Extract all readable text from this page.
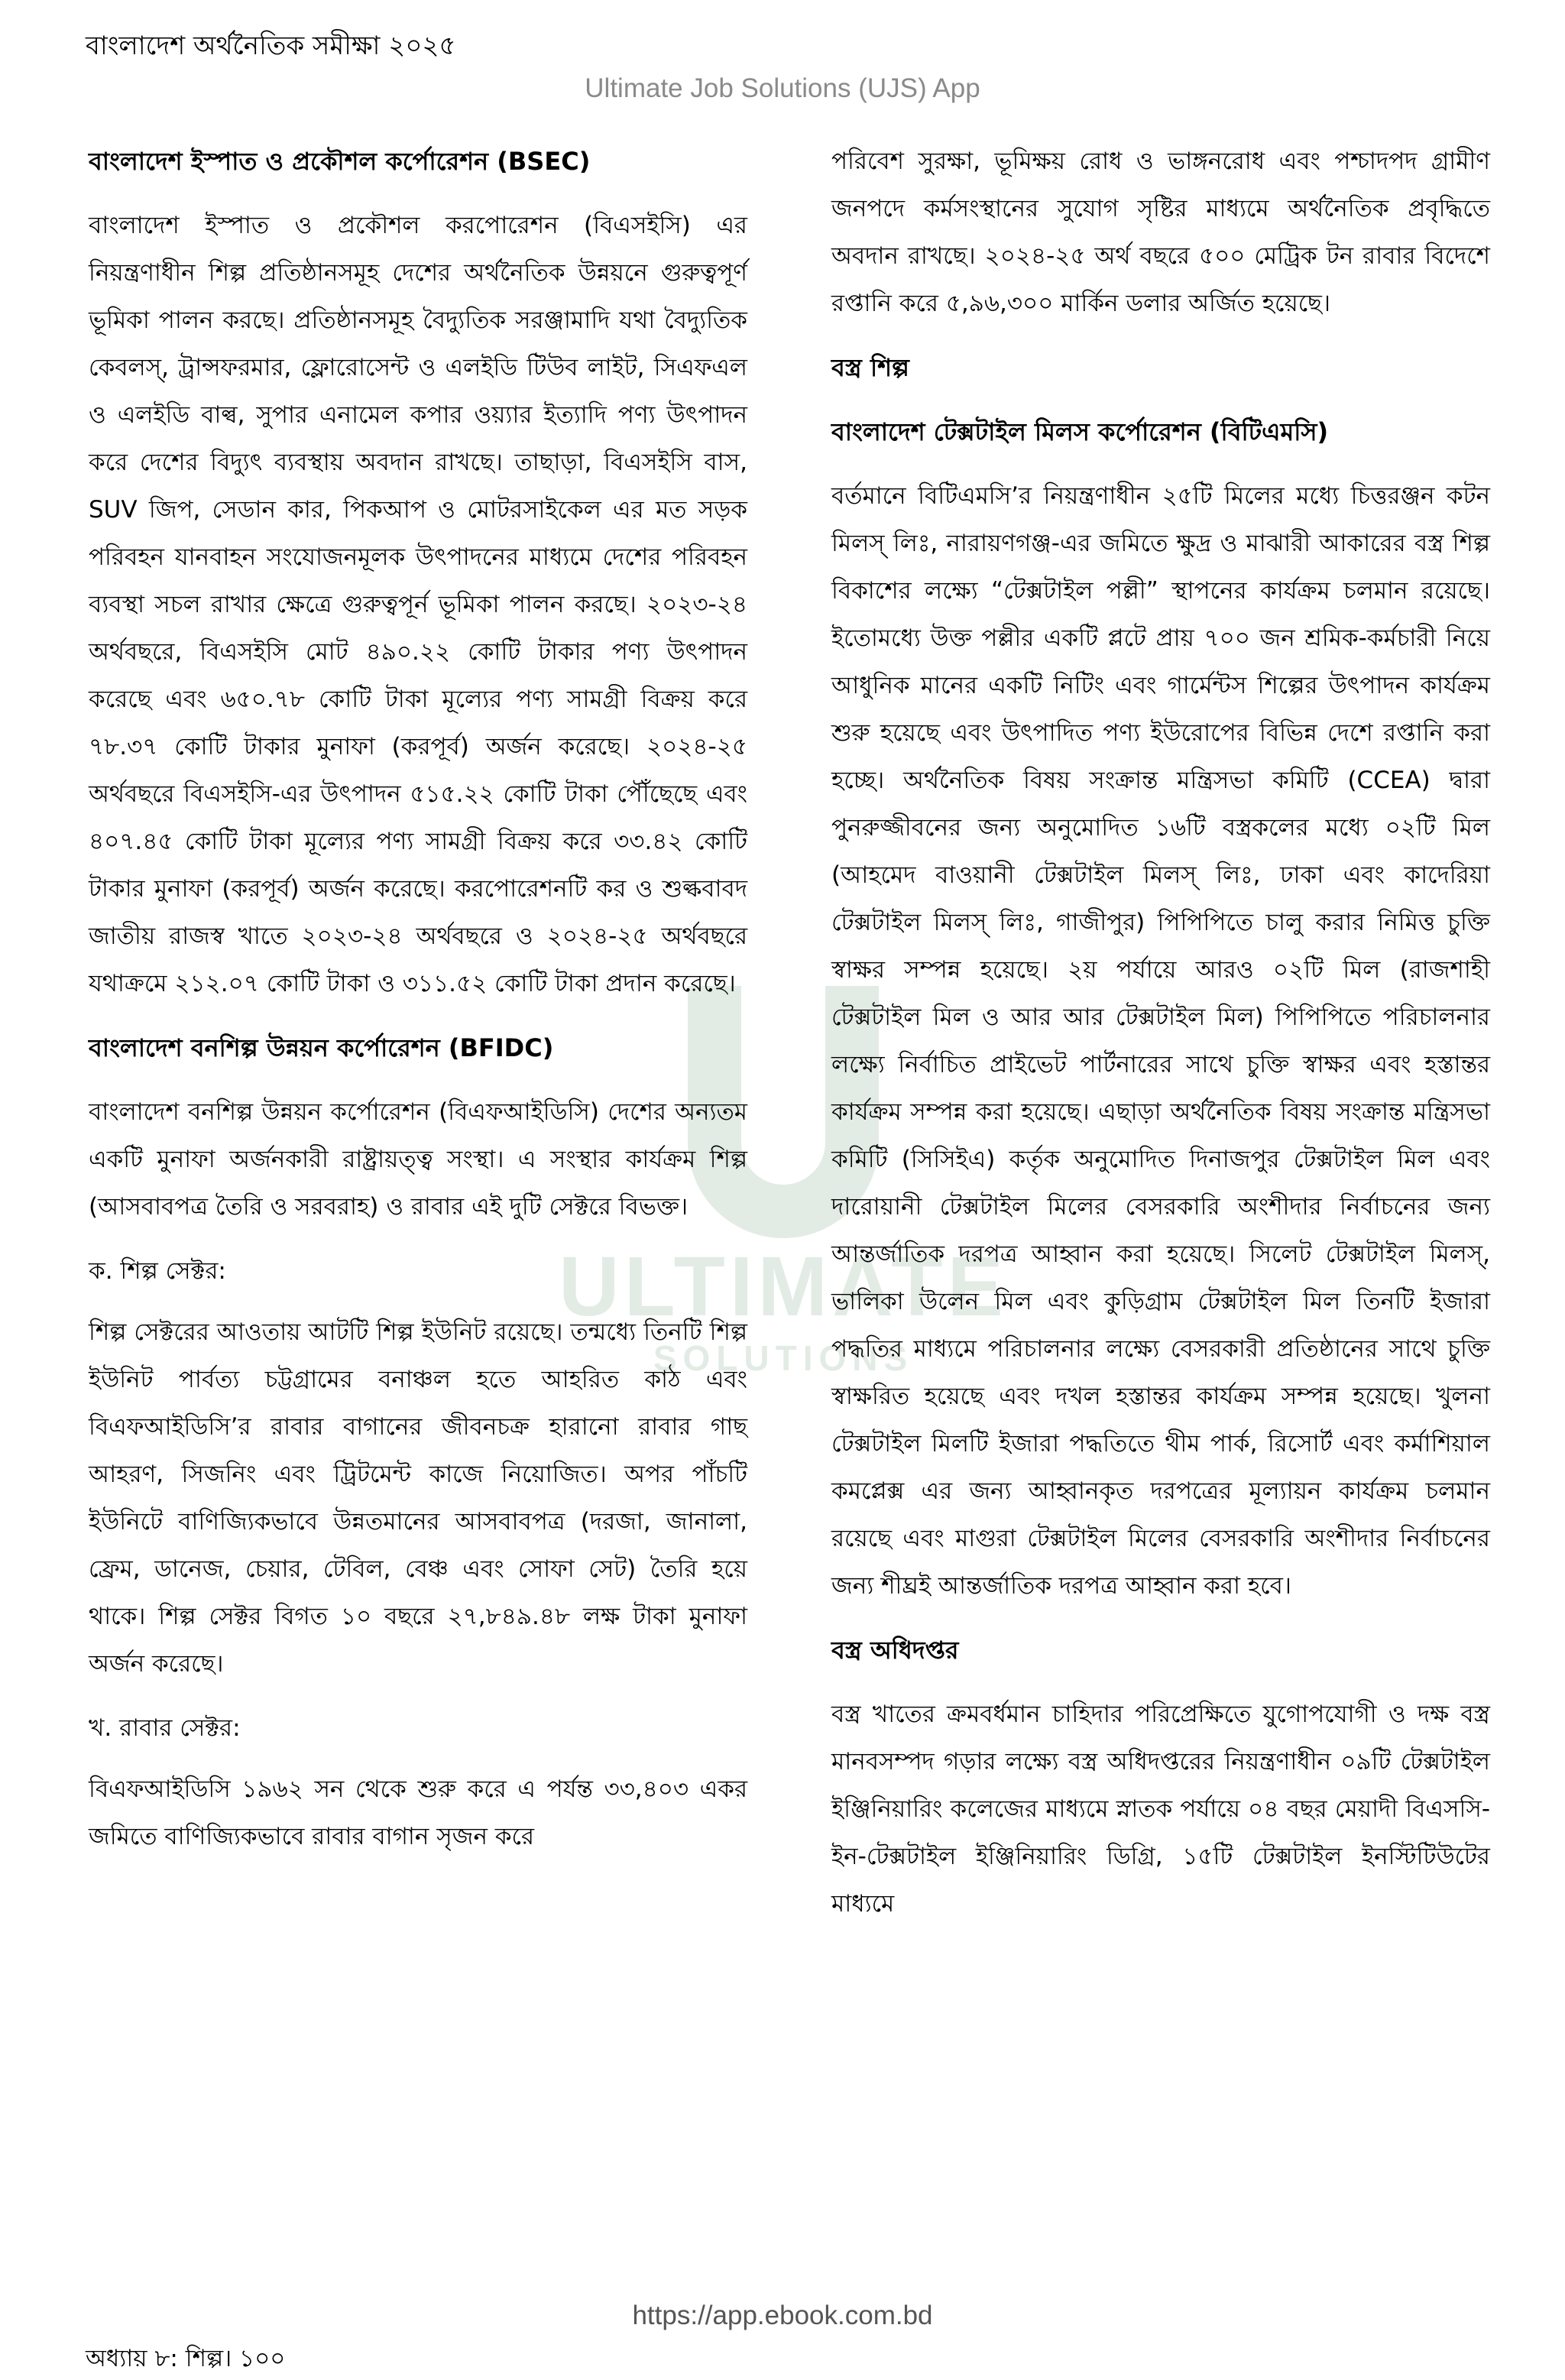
বাংলাদেশ অর্থনৈতিক সমীক্ষা ২০২৫
Ultimate Job Solutions (UJS) App
ULTIMATE
SOLUTIONS
বাংলাদেশ ইস্পাত ও প্রকৌশল কর্পোরেশন (BSEC)

বাংলাদেশ ইস্পাত ও প্রকৌশল করপোরেশন (বিএসইসি) এর নিয়ন্ত্রণাধীন শিল্প প্রতিষ্ঠানসমূহ দেশের অর্থনৈতিক উন্নয়নে গুরুত্বপূর্ণ ভূমিকা পালন করছে। প্রতিষ্ঠানসমূহ বৈদ্যুতিক সরঞ্জামাদি যথা বৈদ্যুতিক কেবলস্, ট্রান্সফরমার, ফ্লোরোসেন্ট ও এলইডি টিউব লাইট, সিএফএল ও এলইডি বাল্ব, সুপার এনামেল কপার ওয়্যার ইত্যাদি পণ্য উৎপাদন করে দেশের বিদ্যুৎ ব্যবস্থায় অবদান রাখছে। তাছাড়া, বিএসইসি বাস, SUV জিপ, সেডান কার, পিকআপ ও মোটরসাইকেল এর মত সড়ক পরিবহন যানবাহন সংযোজনমূলক উৎপাদনের মাধ্যমে দেশের পরিবহন ব্যবস্থা সচল রাখার ক্ষেত্রে গুরুত্বপূর্ন ভূমিকা পালন করছে। ২০২৩-২৪ অর্থবছরে, বিএসইসি মোট ৪৯০.২২ কোটি টাকার পণ্য উৎপাদন করেছে এবং ৬৫০.৭৮ কোটি টাকা মূল্যের পণ্য সামগ্রী বিক্রয় করে ৭৮.৩৭ কোটি টাকার মুনাফা (করপূর্ব) অর্জন করেছে। ২০২৪-২৫ অর্থবছরে বিএসইসি-এর উৎপাদন ৫১৫.২২ কোটি টাকা পৌঁছেছে এবং ৪০৭.৪৫ কোটি টাকা মূল্যের পণ্য সামগ্রী বিক্রয় করে ৩৩.৪২ কোটি টাকার মুনাফা (করপূর্ব) অর্জন করেছে। করপোরেশনটি কর ও শুল্কবাবদ জাতীয় রাজস্ব খাতে ২০২৩-২৪ অর্থবছরে ও ২০২৪-২৫ অর্থবছরে যথাক্রমে ২১২.০৭ কোটি টাকা ও ৩১১.৫২ কোটি টাকা প্রদান করেছে।

বাংলাদেশ বনশিল্প উন্নয়ন কর্পোরেশন (BFIDC)

বাংলাদেশ বনশিল্প উন্নয়ন কর্পোরেশন (বিএফআইডিসি) দেশের অন্যতম একটি মুনাফা অর্জনকারী রাষ্ট্রায়ত্ত্ব সংস্থা। এ সংস্থার কার্যক্রম শিল্প (আসবাবপত্র তৈরি ও সরবরাহ) ও রাবার এই দুটি সেক্টরে বিভক্ত।

ক. শিল্প সেক্টর:

শিল্প সেক্টরের আওতায় আটটি শিল্প ইউনিট রয়েছে। তন্মধ্যে তিনটি শিল্প ইউনিট পার্বত্য চট্টগ্রামের বনাঞ্চল হতে আহরিত কাঠ এবং বিএফআইডিসি’র রাবার বাগানের জীবনচক্র হারানো রাবার গাছ আহরণ, সিজনিং এবং ট্রিটমেন্ট কাজে নিয়োজিত। অপর পাঁচটি ইউনিটে বাণিজ্যিকভাবে উন্নতমানের আসবাবপত্র (দরজা, জানালা, ফ্রেম, ডানেজ, চেয়ার, টেবিল, বেঞ্চ এবং সোফা সেট) তৈরি হয়ে থাকে। শিল্প সেক্টর বিগত ১০ বছরে ২৭,৮৪৯.৪৮ লক্ষ টাকা মুনাফা অর্জন করেছে।

খ. রাবার সেক্টর:

বিএফআইডিসি ১৯৬২ সন থেকে শুরু করে এ পর্যন্ত ৩৩,৪০৩ একর জমিতে বাণিজ্যিকভাবে রাবার বাগান সৃজন করে

পরিবেশ সুরক্ষা, ভূমিক্ষয় রোধ ও ভাঙ্গনরোধ এবং পশ্চাদপদ গ্রামীণ জনপদে কর্মসংস্থানের সুযোগ সৃষ্টির মাধ্যমে অর্থনৈতিক প্রবৃদ্ধিতে অবদান রাখছে। ২০২৪-২৫ অর্থ বছরে ৫০০ মেট্রিক টন রাবার বিদেশে রপ্তানি করে ৫,৯৬,৩০০ মার্কিন ডলার অর্জিত হয়েছে।

বস্ত্র শিল্প
বাংলাদেশ টেক্সটাইল মিলস কর্পোরেশন (বিটিএমসি)

বর্তমানে বিটিএমসি’র নিয়ন্ত্রণাধীন ২৫টি মিলের মধ্যে চিত্তরঞ্জন কটন মিলস্ লিঃ, নারায়ণগঞ্জ-এর জমিতে ক্ষুদ্র ও মাঝারী আকারের বস্ত্র শিল্প বিকাশের লক্ষ্যে “টেক্সটাইল পল্লী” স্থাপনের কার্যক্রম চলমান রয়েছে। ইতোমধ্যে উক্ত পল্লীর একটি প্লটে প্রায় ৭০০ জন শ্রমিক-কর্মচারী নিয়ে আধুনিক মানের একটি নিটিং এবং গার্মেন্টস শিল্পের উৎপাদন কার্যক্রম শুরু হয়েছে এবং উৎপাদিত পণ্য ইউরোপের বিভিন্ন দেশে রপ্তানি করা হচ্ছে। অর্থনৈতিক বিষয় সংক্রান্ত মন্ত্রিসভা কমিটি (CCEA) দ্বারা পুনরুজ্জীবনের জন্য অনুমোদিত ১৬টি বস্ত্রকলের মধ্যে ০২টি মিল (আহমেদ বাওয়ানী টেক্সটাইল মিলস্ লিঃ, ঢাকা এবং কাদেরিয়া টেক্সটাইল মিলস্ লিঃ, গাজীপুর) পিপিপিতে চালু করার নিমিত্ত চুক্তি স্বাক্ষর সম্পন্ন হয়েছে। ২য় পর্যায়ে আরও ০২টি মিল (রাজশাহী টেক্সটাইল মিল ও আর আর টেক্সটাইল মিল) পিপিপিতে পরিচালনার লক্ষ্যে নির্বাচিত প্রাইভেট পার্টনারের সাথে চুক্তি স্বাক্ষর এবং হস্তান্তর কার্যক্রম সম্পন্ন করা হয়েছে। এছাড়া অর্থনৈতিক বিষয় সংক্রান্ত মন্ত্রিসভা কমিটি (সিসিইএ) কর্তৃক অনুমোদিত দিনাজপুর টেক্সটাইল মিল এবং দারোয়ানী টেক্সটাইল মিলের বেসরকারি অংশীদার নির্বাচনের জন্য আন্তর্জাতিক দরপত্র আহ্বান করা হয়েছে। সিলেট টেক্সটাইল মিলস্, ভালিকা উলেন মিল এবং কুড়িগ্রাম টেক্সটাইল মিল তিনটি ইজারা পদ্ধতির মাধ্যমে পরিচালনার লক্ষ্যে বেসরকারী প্রতিষ্ঠানের সাথে চুক্তি স্বাক্ষরিত হয়েছে এবং দখল হস্তান্তর কার্যক্রম সম্পন্ন হয়েছে। খুলনা টেক্সটাইল মিলটি ইজারা পদ্ধতিতে থীম পার্ক, রিসোর্ট এবং কর্মাশিয়াল কমপ্লেক্স এর জন্য আহ্বানকৃত দরপত্রের মূল্যায়ন কার্যক্রম চলমান রয়েছে এবং মাগুরা টেক্সটাইল মিলের বেসরকারি অংশীদার নির্বাচনের জন্য শীঘ্রই আন্তর্জাতিক দরপত্র আহ্বান করা হবে।

বস্ত্র অধিদপ্তর

বস্ত্র খাতের ক্রমবর্ধমান চাহিদার পরিপ্রেক্ষিতে যুগোপযোগী ও দক্ষ বস্ত্র মানবসম্পদ গড়ার লক্ষ্যে বস্ত্র অধিদপ্তরের নিয়ন্ত্রণাধীন ০৯টি টেক্সটাইল ইঞ্জিনিয়ারিং কলেজের মাধ্যমে স্নাতক পর্যায়ে ০৪ বছর মেয়াদী বিএসসি-ইন-টেক্সটাইল ইঞ্জিনিয়ারিং ডিগ্রি, ১৫টি টেক্সটাইল ইনস্টিটিউটের মাধ্যমে

https://app.ebook.com.bd
অধ্যায় ৮: শিল্প। ১০০
